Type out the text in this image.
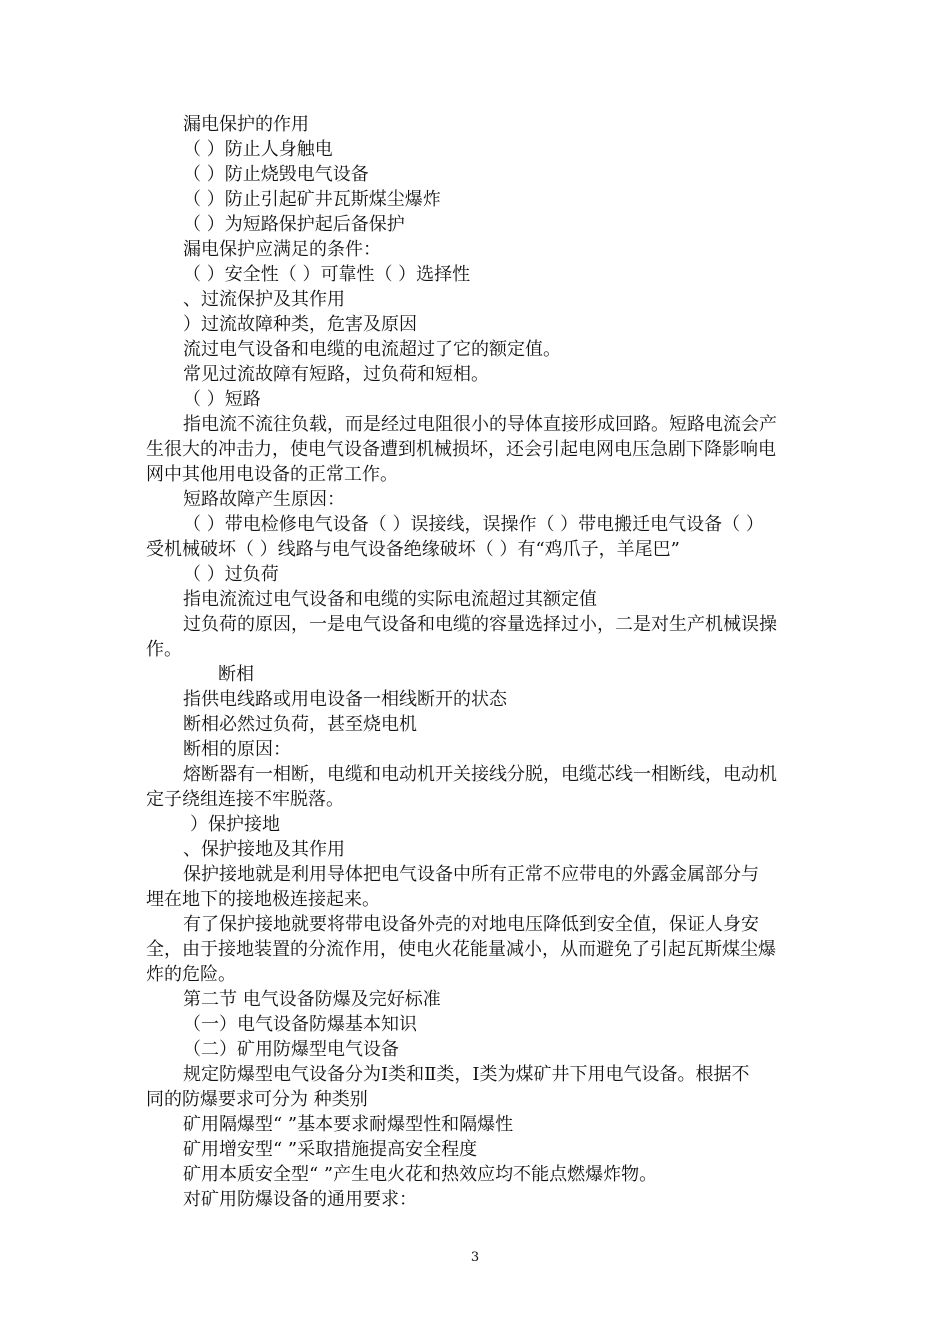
漏电保护的作用
（ ）防止人身触电
（ ）防止烧毁电气设备
（ ）防止引起矿井瓦斯煤尘爆炸
（ ）为短路保护起后备保护
漏电保护应满足的条件：
（ ）安全性（ ）可靠性（ ）选择性
、过流保护及其作用
）过流故障种类，危害及原因
流过电气设备和电缆的电流超过了它的额定值。
常见过流故障有短路，过负荷和短相。
（ ）短路
指电流不流往负载，而是经过电阻很小的导体直接形成回路。短路电流会产
生很大的冲击力，使电气设备遭到机械损坏，还会引起电网电压急剧下降影响电
网中其他用电设备的正常工作。
短路故障产生原因：
（ ）带电检修电气设备（ ）误接线，误操作（ ）带电搬迁电气设备（ ）
受机械破坏（ ）线路与电气设备绝缘破坏（ ）有“鸡爪子，羊尾巴”
（ ）过负荷
指电流流过电气设备和电缆的实际电流超过其额定值
过负荷的原因，一是电气设备和电缆的容量选择过小，二是对生产机械误操
作。
断相
指供电线路或用电设备一相线断开的状态
断相必然过负荷，甚至烧电机
断相的原因：
熔断器有一相断，电缆和电动机开关接线分脱，电缆芯线一相断线，电动机
定子绕组连接不牢脱落。
）保护接地
、保护接地及其作用
保护接地就是利用导体把电气设备中所有正常不应带电的外露金属部分与
埋在地下的接地极连接起来。
有了保护接地就要将带电设备外壳的对地电压降低到安全值，保证人身安
全，由于接地装置的分流作用，使电火花能量减小，从而避免了引起瓦斯煤尘爆
炸的危险。
第二节 电气设备防爆及完好标准
（一）电气设备防爆基本知识
（二）矿用防爆型电气设备
规定防爆型电气设备分为Ⅰ类和Ⅱ类，Ⅰ类为煤矿井下用电气设备。根据不
同的防爆要求可分为 种类别
矿用隔爆型“ ”基本要求耐爆型性和隔爆性
矿用增安型“ ”采取措施提高安全程度
矿用本质安全型“ ”产生电火花和热效应均不能点燃爆炸物。
对矿用防爆设备的通用要求：
3
